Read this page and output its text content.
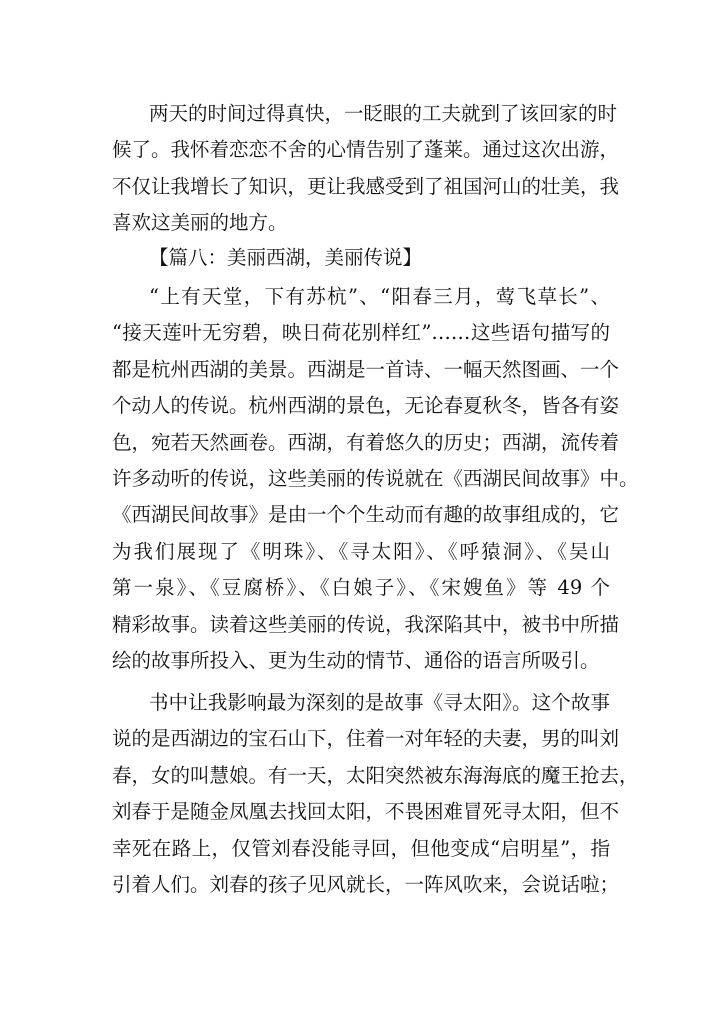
两天的时间过得真快，一眨眼的工夫就到了该回家的时
候了。我怀着恋恋不舍的心情告别了蓬莱。通过这次出游，
不仅让我增长了知识，更让我感受到了祖国河山的壮美，我
喜欢这美丽的地方。
【篇八：美丽西湖，美丽传说】
“上有天堂，下有苏杭”、“阳春三月，莺飞草长”、
“接天莲叶无穷碧，映日荷花别样红”……这些语句描写的
都是杭州西湖的美景。西湖是一首诗、一幅天然图画、一个
个动人的传说。杭州西湖的景色，无论春夏秋冬，皆各有姿
色，宛若天然画卷。西湖，有着悠久的历史；西湖，流传着
许多动听的传说，这些美丽的传说就在《西湖民间故事》中。
《西湖民间故事》是由一个个生动而有趣的故事组成的，它
为我们展现了《明珠》、《寻太阳》、《呼猿洞》、《吴山
第一泉》、《豆腐桥》、《白娘子》、《宋嫂鱼》等 49 个
精彩故事。读着这些美丽的传说，我深陷其中，被书中所描
绘的故事所投入、更为生动的情节、通俗的语言所吸引。
书中让我影响最为深刻的是故事《寻太阳》。这个故事
说的是西湖边的宝石山下，住着一对年轻的夫妻，男的叫刘
春，女的叫慧娘。有一天，太阳突然被东海海底的魔王抢去，
刘春于是随金凤凰去找回太阳，不畏困难冒死寻太阳，但不
幸死在路上，仅管刘春没能寻回，但他变成“启明星”，指
引着人们。刘春的孩子见风就长，一阵风吹来，会说话啦；
